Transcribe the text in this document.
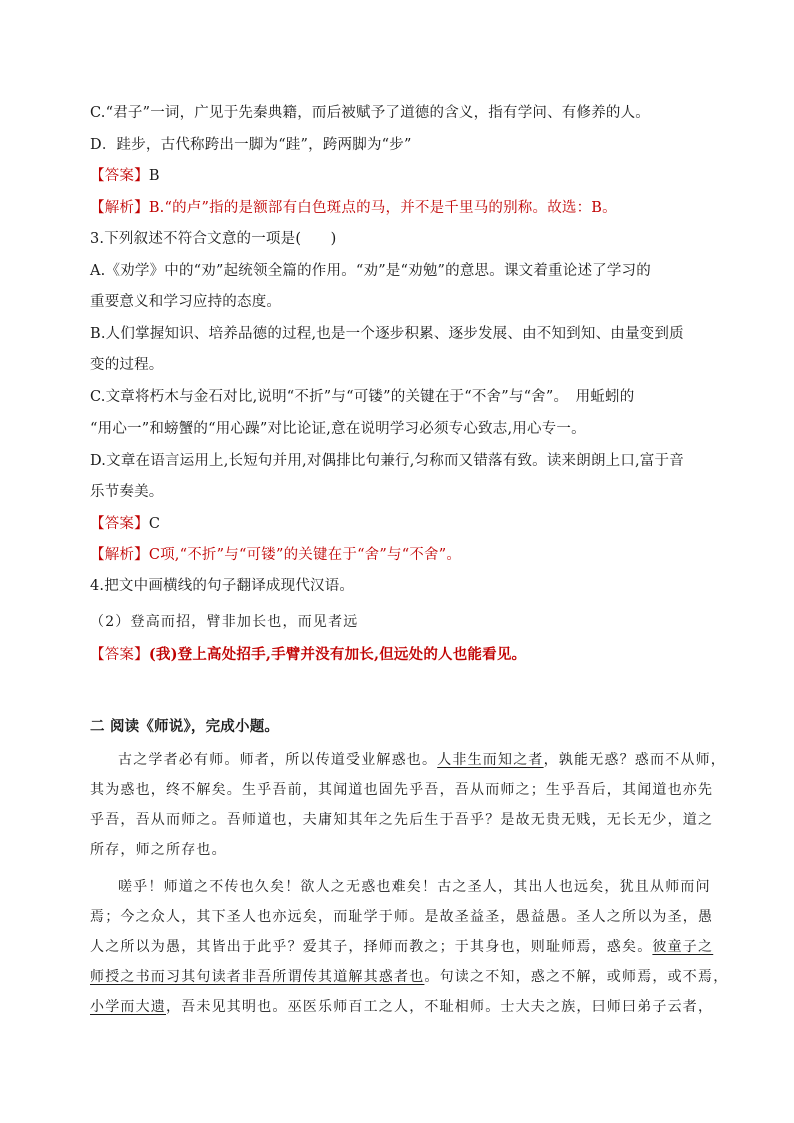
C.“君子”一词，广见于先秦典籍，而后被赋予了道德的含义，指有学问、有修养的人。
D．跬步，古代称跨出一脚为“跬”，跨两脚为“步”
【答案】B
【解析】B.“的卢”指的是额部有白色斑点的马，并不是千里马的别称。故选：B。
3.下列叙述不符合文意的一项是(　　)
A.《劝学》中的“劝”起统领全篇的作用。“劝”是“劝勉”的意思。课文着重论述了学习的
重要意义和学习应持的态度。
B.人们掌握知识、培养品德的过程,也是一个逐步积累、逐步发展、由不知到知、由量变到质
变的过程。
C.文章将朽木与金石对比,说明“不折”与“可镂”的关键在于“不舍”与“舍”。　用蚯蚓的
“用心一”和螃蟹的“用心躁”对比论证,意在说明学习必须专心致志,用心专一。
D.文章在语言运用上,长短句并用,对偶排比句兼行,匀称而又错落有致。读来朗朗上口,富于音
乐节奏美。
【答案】C
【解析】C项,“不折”与“可镂”的关键在于“舍”与“不舍”。
4.把文中画横线的句子翻译成现代汉语。
（2）登高而招，臂非加长也，而见者远
【答案】(我)登上高处招手,手臂并没有加长,但远处的人也能看见。
二 阅读《师说》，完成小题。
古之学者必有师。师者，所以传道受业解惑也。人非生而知之者，孰能无惑？惑而不从师，
其为惑也，终不解矣。生乎吾前，其闻道也固先乎吾，吾从而师之；生乎吾后，其闻道也亦先
乎吾，吾从而师之。吾师道也，夫庸知其年之先后生于吾乎？是故无贵无贱，无长无少，道之
所存，师之所存也。
嗟乎！师道之不传也久矣！欲人之无惑也难矣！古之圣人，其出人也远矣，犹且从师而问
焉；今之众人，其下圣人也亦远矣，而耻学于师。是故圣益圣，愚益愚。圣人之所以为圣，愚
人之所以为愚，其皆出于此乎？爱其子，择师而教之；于其身也，则耻师焉，惑矣。彼童子之
师授之书而习其句读者非吾所谓传其道解其惑者也。句读之不知，惑之不解，或师焉，或不焉，
小学而大遗，吾未见其明也。巫医乐师百工之人，不耻相师。士大夫之族，曰师曰弟子云者，
